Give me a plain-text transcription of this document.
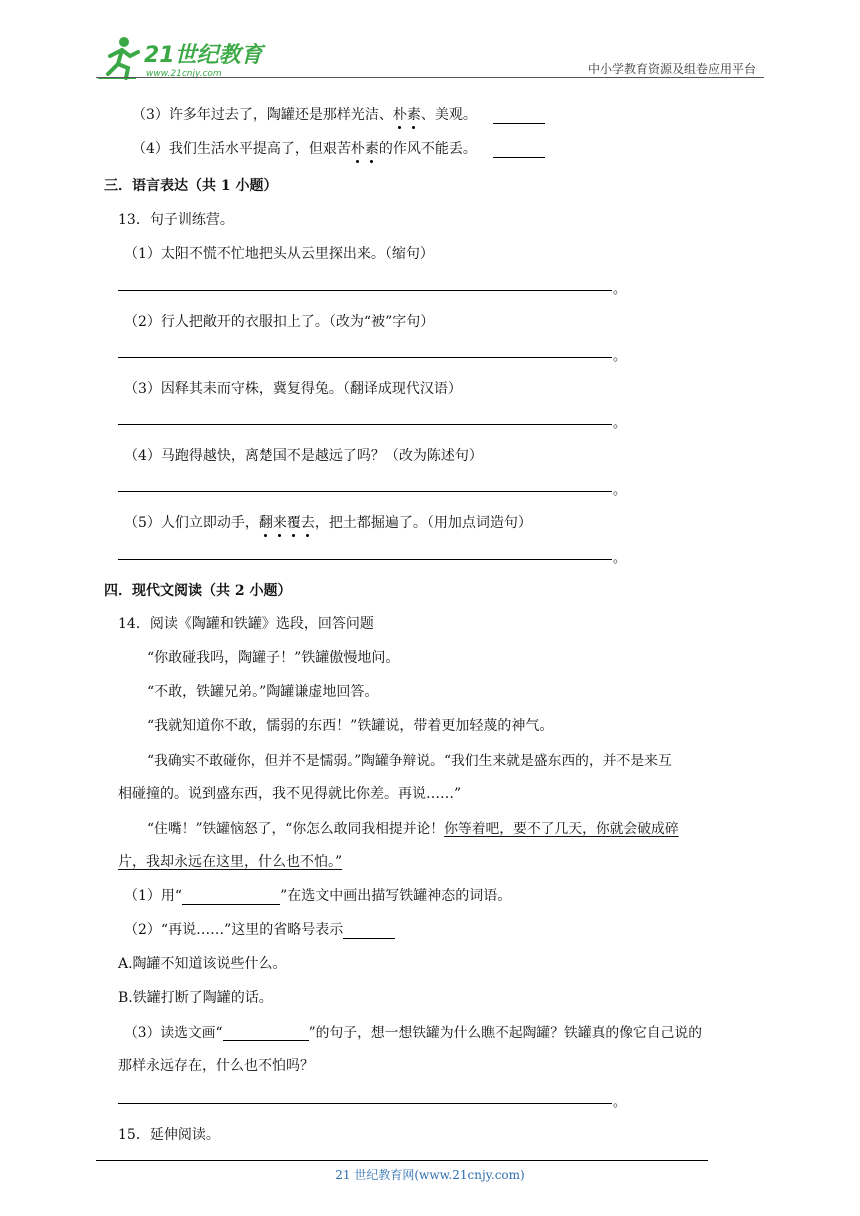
21世纪教育
www.21cnjy.com	中小学教育资源及组卷应用平台
（3）许多年过去了，陶罐还是那样光洁、朴素、美观。
（4）我们生活水平提高了，但艰苦朴素的作风不能丢。
三．语言表达（共 1 小题）
13．句子训练营。
（1）太阳不慌不忙地把头从云里探出来。（缩句）
。
（2）行人把敞开的衣服扣上了。（改为“被”字句）
。
（3）因释其耒而守株，冀复得兔。（翻译成现代汉语）
。
（4）马跑得越快，离楚国不是越远了吗？（改为陈述句）
。
（5）人们立即动手，翻来覆去，把土都掘遍了。（用加点词造句）
。
四．现代文阅读（共 2 小题）
14．阅读《陶罐和铁罐》选段，回答问题
“你敢碰我吗，陶罐子！”铁罐傲慢地问。
“不敢，铁罐兄弟。”陶罐谦虚地回答。
“我就知道你不敢，懦弱的东西！”铁罐说，带着更加轻蔑的神气。
“我确实不敢碰你，但并不是懦弱。”陶罐争辩说。“我们生来就是盛东西的，并不是来互
相碰撞的。说到盛东西，我不见得就比你差。再说……”
“住嘴！”铁罐恼怒了，“你怎么敢同我相提并论！你等着吧，要不了几天，你就会破成碎
片，我却永远在这里，什么也不怕。”
（1）用“	”在选文中画出描写铁罐神态的词语。
（2）“再说……”这里的省略号表示
A.陶罐不知道该说些什么。
B.铁罐打断了陶罐的话。
（3）读选文画“	”的句子，想一想铁罐为什么瞧不起陶罐？铁罐真的像它自己说的
那样永远存在，什么也不怕吗？
。
15．延伸阅读。
21 世纪教育网(www.21cnjy.com)
